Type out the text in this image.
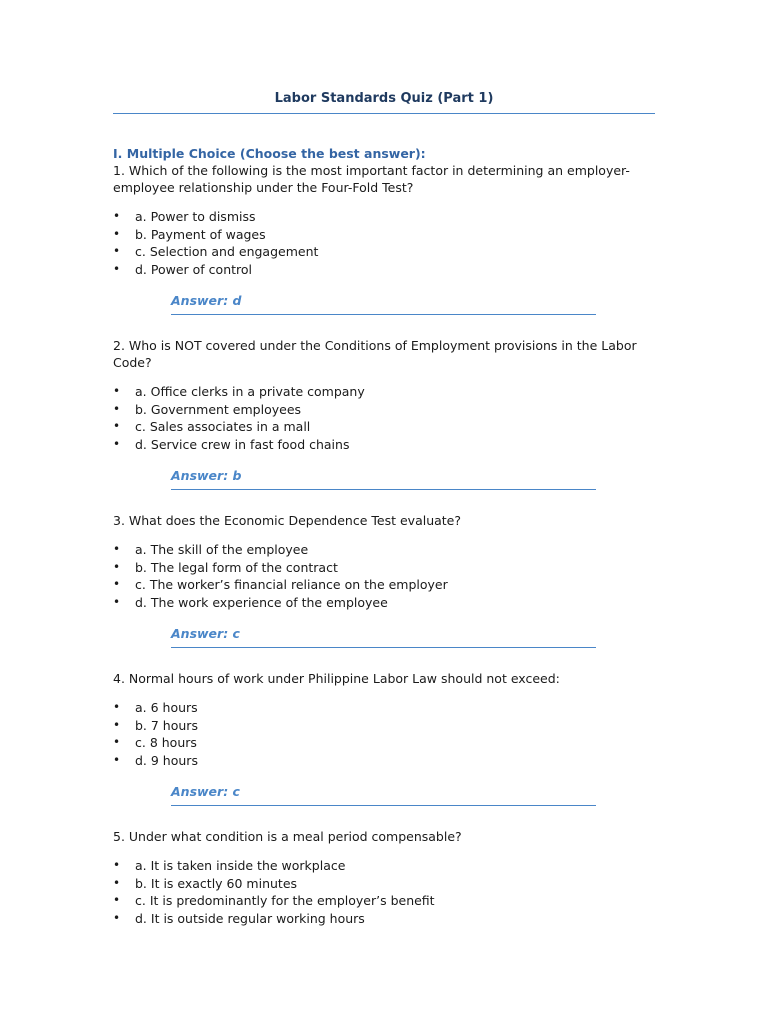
Labor Standards Quiz (Part 1)
I. Multiple Choice (Choose the best answer):

1. Which of the following is the most important factor in determining an employer-employee relationship under the Four-Fold Test?

• a. Power to dismiss
• b. Payment of wages
• c. Selection and engagement
• d. Power of control
Answer: d

2. Who is NOT covered under the Conditions of Employment provisions in the Labor Code?

• a. Office clerks in a private company
• b. Government employees
• c. Sales associates in a mall
• d. Service crew in fast food chains
Answer: b

3. What does the Economic Dependence Test evaluate?

• a. The skill of the employee
• b. The legal form of the contract
• c. The worker’s financial reliance on the employer
• d. The work experience of the employee
Answer: c

4. Normal hours of work under Philippine Labor Law should not exceed:

• a. 6 hours
• b. 7 hours
• c. 8 hours
• d. 9 hours
Answer: c

5. Under what condition is a meal period compensable?

• a. It is taken inside the workplace
• b. It is exactly 60 minutes
• c. It is predominantly for the employer’s benefit
• d. It is outside regular working hours
